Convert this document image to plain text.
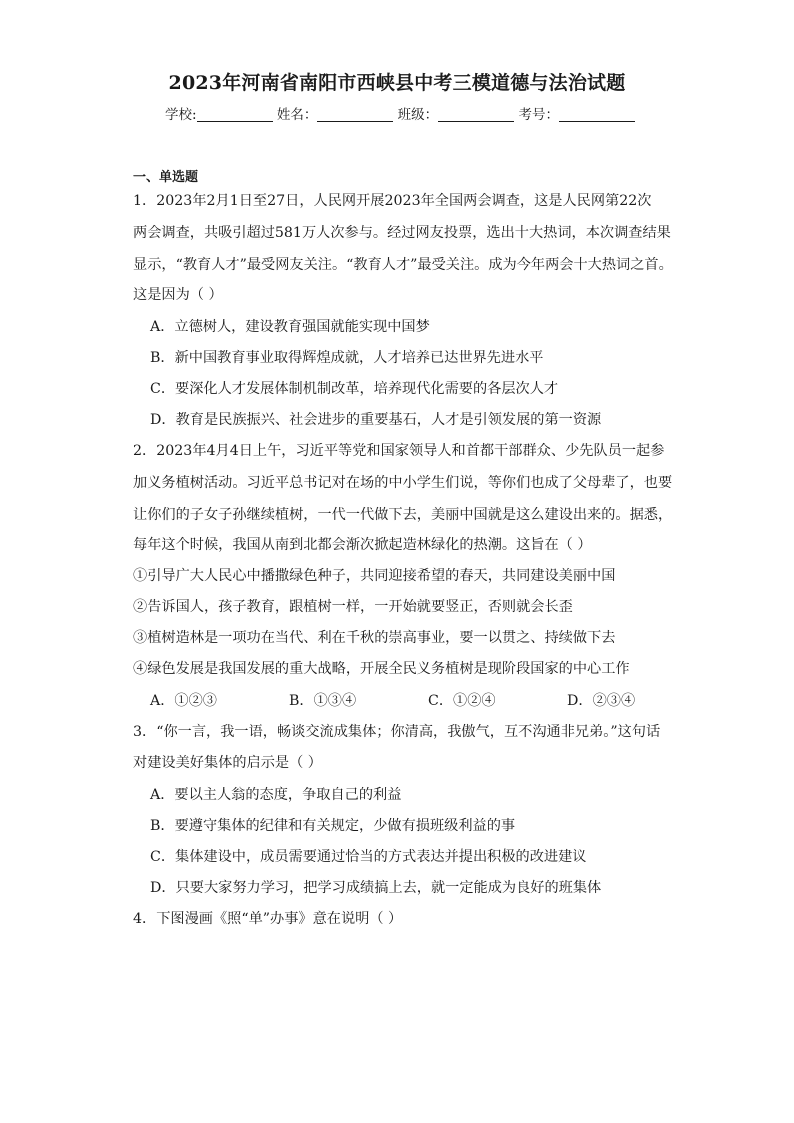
2023年河南省南阳市西峡县中考三模道德与法治试题
学校:	姓名：	班级：	考号：
一、单选题
1．2023年2月1日至27日，人民网开展2023年全国两会调查，这是人民网第22次
两会调查，共吸引超过581万人次参与。经过网友投票，选出十大热词，本次调查结果
显示，“教育人才”最受网友关注。“教育人才”最受关注。成为今年两会十大热词之首。
这是因为（ ）
A．立德树人，建设教育强国就能实现中国梦
B．新中国教育事业取得辉煌成就，人才培养已达世界先进水平
C．要深化人才发展体制机制改革，培养现代化需要的各层次人才
D．教育是民族振兴、社会进步的重要基石，人才是引领发展的第一资源
2．2023年4月4日上午，习近平等党和国家领导人和首都干部群众、少先队员一起参
加义务植树活动。习近平总书记对在场的中小学生们说，等你们也成了父母辈了，也要
让你们的子女子孙继续植树，一代一代做下去，美丽中国就是这么建设出来的。据悉，
每年这个时候，我国从南到北都会渐次掀起造林绿化的热潮。这旨在（ ）
①引导广大人民心中播撒绿色种子，共同迎接希望的春天，共同建设美丽中国
②告诉国人，孩子教育，跟植树一样，一开始就要竖正，否则就会长歪
③植树造林是一项功在当代、利在千秋的崇高事业，要一以贯之、持续做下去
④绿色发展是我国发展的重大战略，开展全民义务植树是现阶段国家的中心工作
A．①②③	B．①③④	C．①②④	D．②③④
3．“你一言，我一语，畅谈交流成集体；你清高，我傲气，互不沟通非兄弟。”这句话
对建设美好集体的启示是（ ）
A．要以主人翁的态度，争取自己的利益
B．要遵守集体的纪律和有关规定，少做有损班级利益的事
C．集体建设中，成员需要通过恰当的方式表达并提出积极的改进建议
D．只要大家努力学习，把学习成绩搞上去，就一定能成为良好的班集体
4．下图漫画《照“单”办事》意在说明（ ）
